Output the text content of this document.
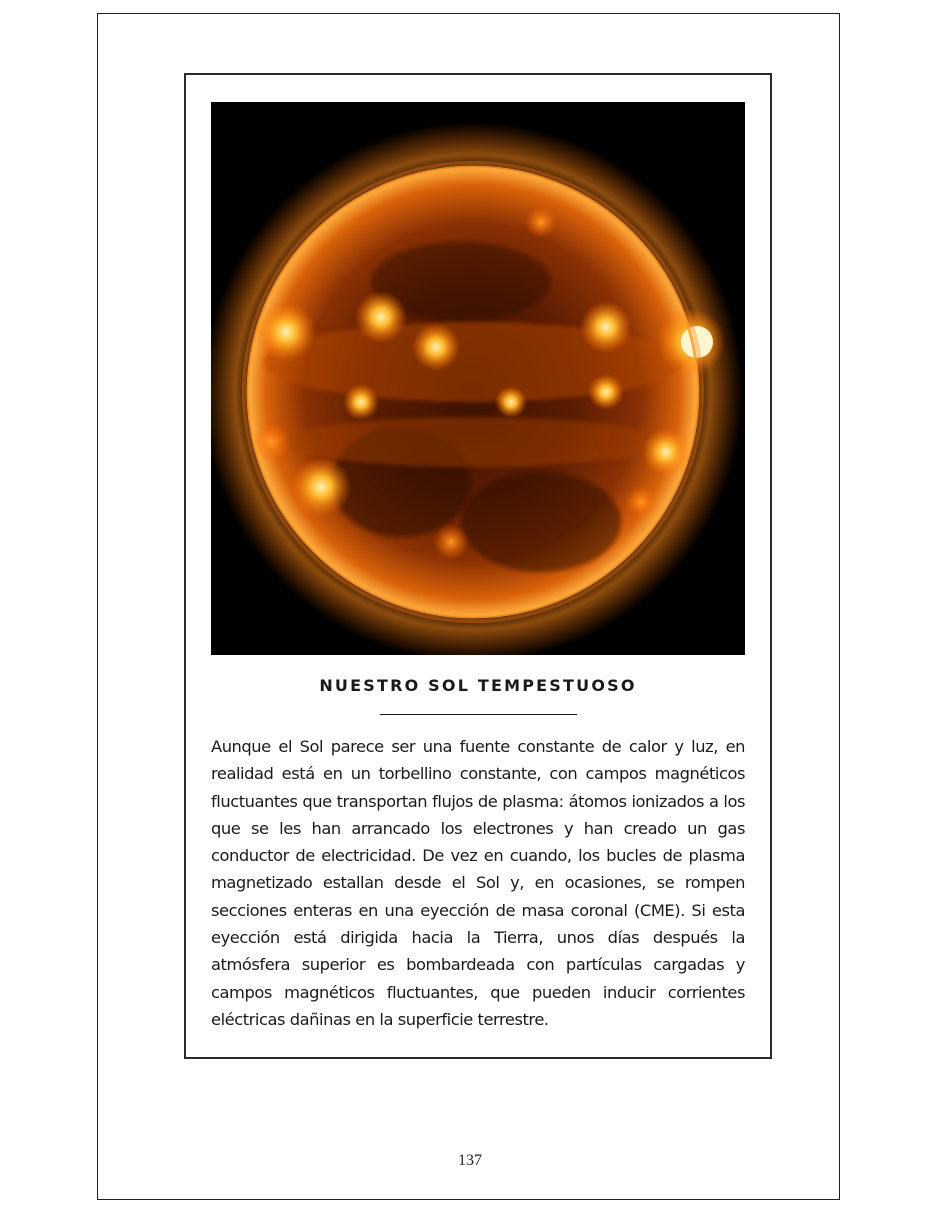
NUESTRO SOL TEMPESTUOSO

Aunque el Sol parece ser una fuente constante de calor y luz, en realidad está en un torbellino constante, con campos magnéticos fluctuantes que transportan flujos de plasma: átomos ionizados a los que se les han arrancado los electrones y han creado un gas conductor de electricidad. De vez en cuando, los bucles de plasma magnetizado estallan desde el Sol y, en ocasiones, se rompen secciones enteras en una eyección de masa coronal (CME). Si esta eyección está dirigida hacia la Tierra, unos días después la atmósfera superior es bombardeada con partículas cargadas y campos magnéticos fluctuantes, que pueden inducir corrientes eléctricas dañinas en la superficie terrestre.

137
